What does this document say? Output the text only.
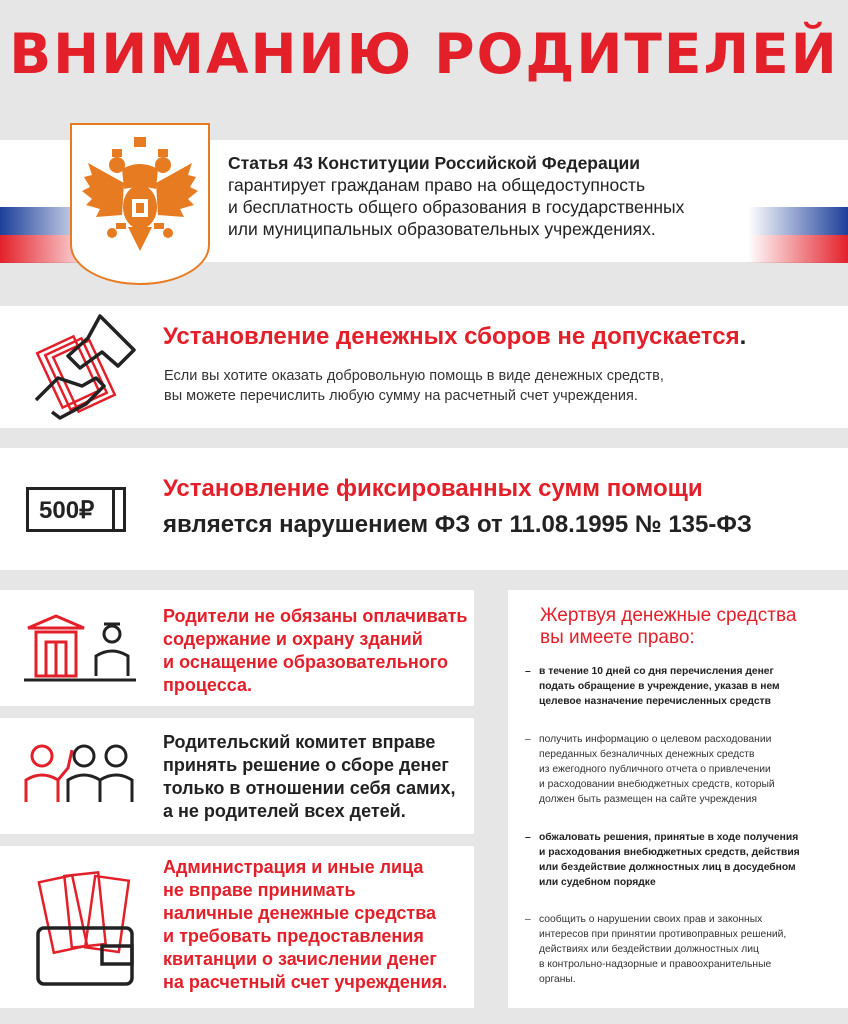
ВНИМАНИЮ РОДИТЕЛЕЙ
Статья 43 Конституции Российской Федерации
гарантирует гражданам право на общедоступность
и бесплатность общего образования в государственных
или муниципальных образовательных учреждениях.
Установление денежных сборов не допускается.
Если вы хотите оказать добровольную помощь в виде денежных средств,
вы можете перечислить любую сумму на расчетный счет учреждения.
500₽
Установление фиксированных сумм помощи
является нарушением ФЗ от 11.08.1995 № 135-ФЗ
Родители не обязаны оплачивать
содержание и охрану зданий
и оснащение образовательного
процесса.
Родительский комитет вправе
принять решение о сборе денег
только в отношении себя самих,
а не родителей всех детей.
Администрация и иные лица
не вправе принимать
наличные денежные средства
и требовать предоставления
квитанции о зачислении денег
на расчетный счет учреждения.
Жертвуя денежные средства
вы имеете право:
– в течение 10 дней со дня перечисления денег
подать обращение в учреждение, указав в нем
целевое назначение перечисленных средств
– получить информацию о целевом расходовании
переданных безналичных денежных средств
из ежегодного публичного отчета о привлечении
и расходовании внебюджетных средств, который
должен быть размещен на сайте учреждения
– обжаловать решения, принятые в ходе получения
и расходования внебюджетных средств, действия
или бездействие должностных лиц в досудебном
или судебном порядке
– сообщить о нарушении своих прав и законных
интересов при принятии противоправных решений,
действиях или бездействии должностных лиц
в контрольно-надзорные и правоохранительные
органы.
